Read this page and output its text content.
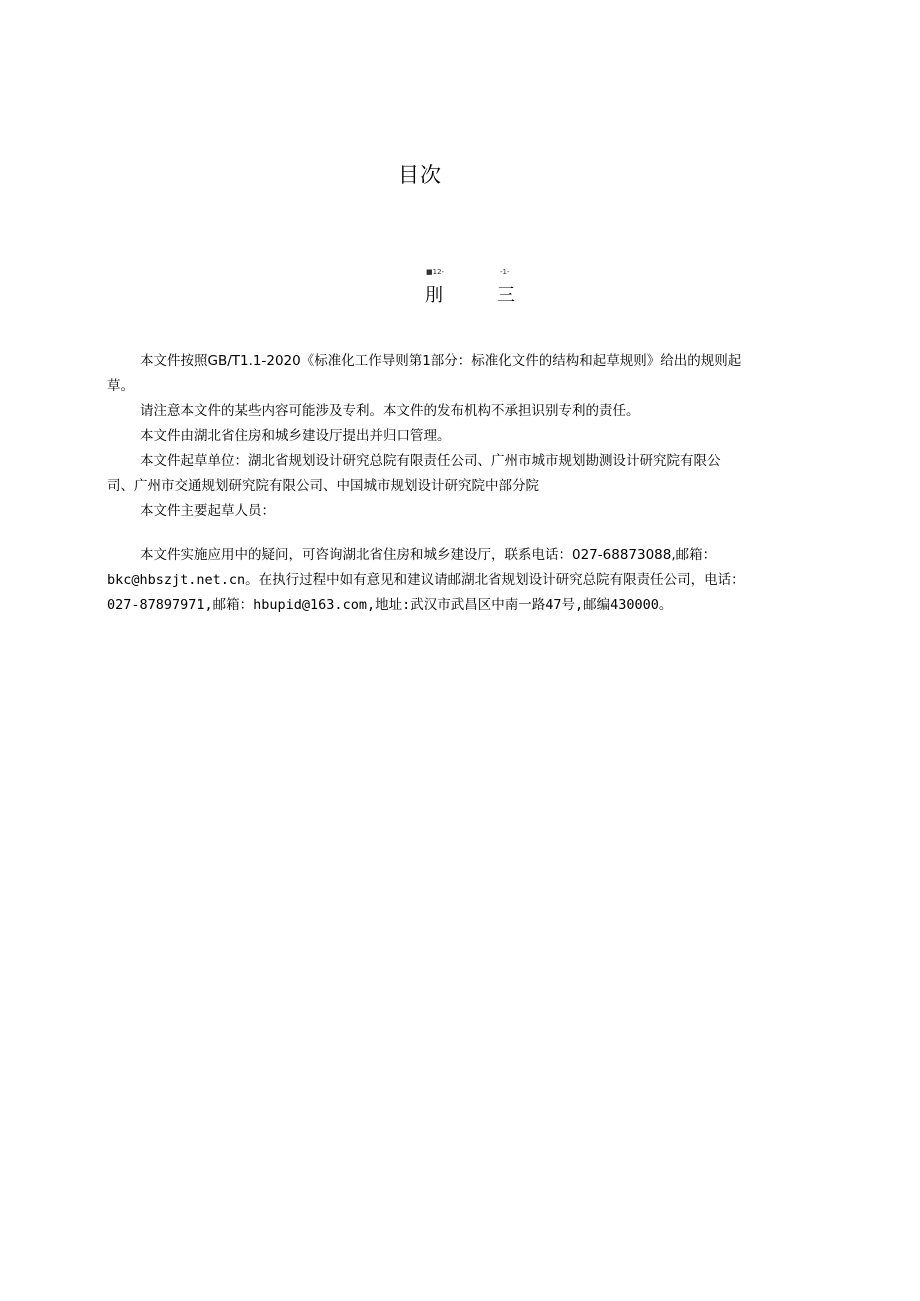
目次
■12-	-1-
刖	三

本文件按照GB/T1.1-2020《标准化工作导则第1部分：标准化文件的结构和起草规则》给出的规则起

草。

请注意本文件的某些内容可能涉及专利。本文件的发布机构不承担识别专利的责任。

本文件由湖北省住房和城乡建设厅提出并归口管理。

本文件起草单位：湖北省规划设计研究总院有限责任公司、广州市城市规划勘测设计研究院有限公

司、广州市交通规划研究院有限公司、中国城市规划设计研究院中部分院

本文件主要起草人员：

本文件实施应用中的疑问，可咨询湖北省住房和城乡建设厅，联系电话：027-68873088,邮箱：

bkc@hbszjt.net.cn。在执行过程中如有意见和建议请邮湖北省规划设计研究总院有限责任公司，电话：

027-87897971,邮箱：hbupid@163.com,地址:武汉市武昌区中南一路47号,邮编430000。
